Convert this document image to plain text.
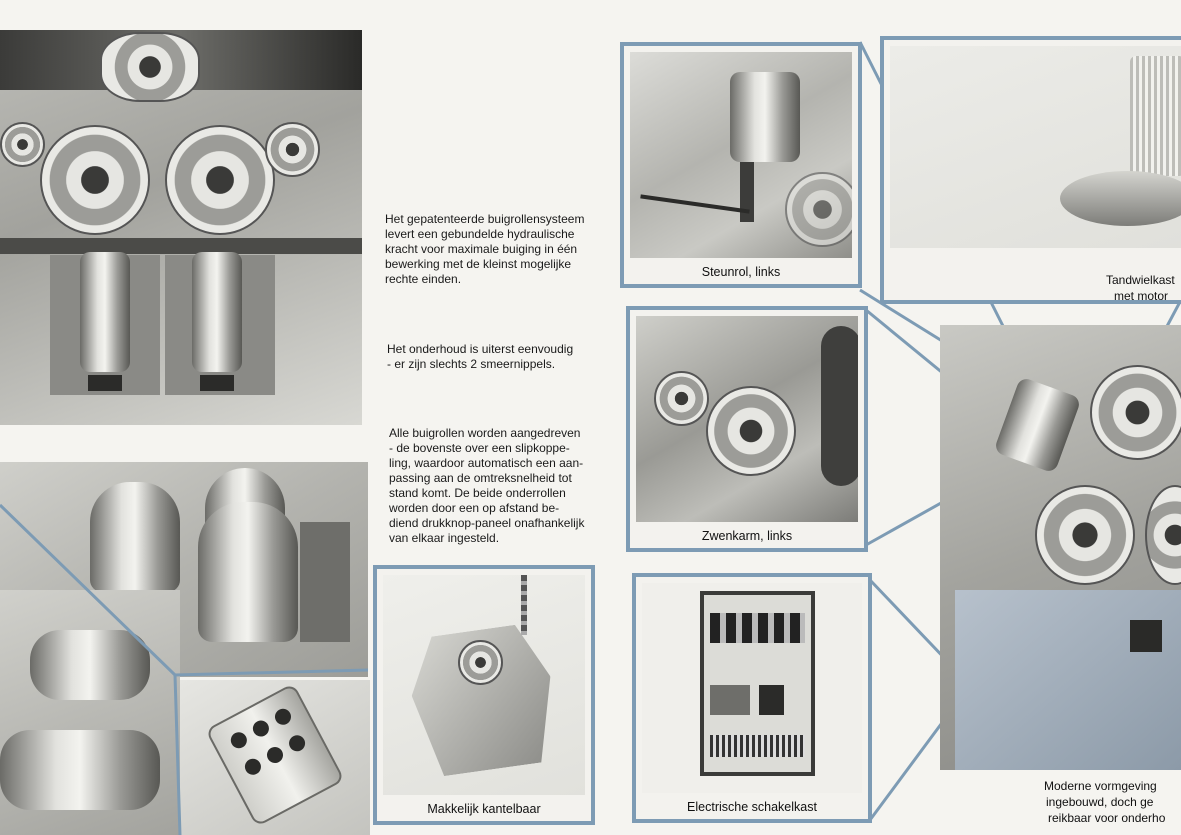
Het gepatenteerde buigrollensysteem

levert een gebundelde hydraulische

kracht voor maximale buiging in één

bewerking met de kleinst mogelijke

rechte einden.

Het onderhoud is uiterst eenvoudig

- er zijn slechts 2 smeernippels.

Alle buigrollen worden aangedreven

- de bovenste over een slipkoppe-

ling, waardoor automatisch een aan-

passing aan de omtreksnelheid tot

stand komt. De beide onderrollen

worden door een op afstand be-

diend drukknop-paneel onafhankelijk

van elkaar ingesteld.

Steunrol, links
Zwenkarm, links
Makkelijk kantelbaar	Electrische schakelkast
Tandwielkast
met motor
Moderne vormgeving
ingebouwd, doch ge
reikbaar voor onderho
